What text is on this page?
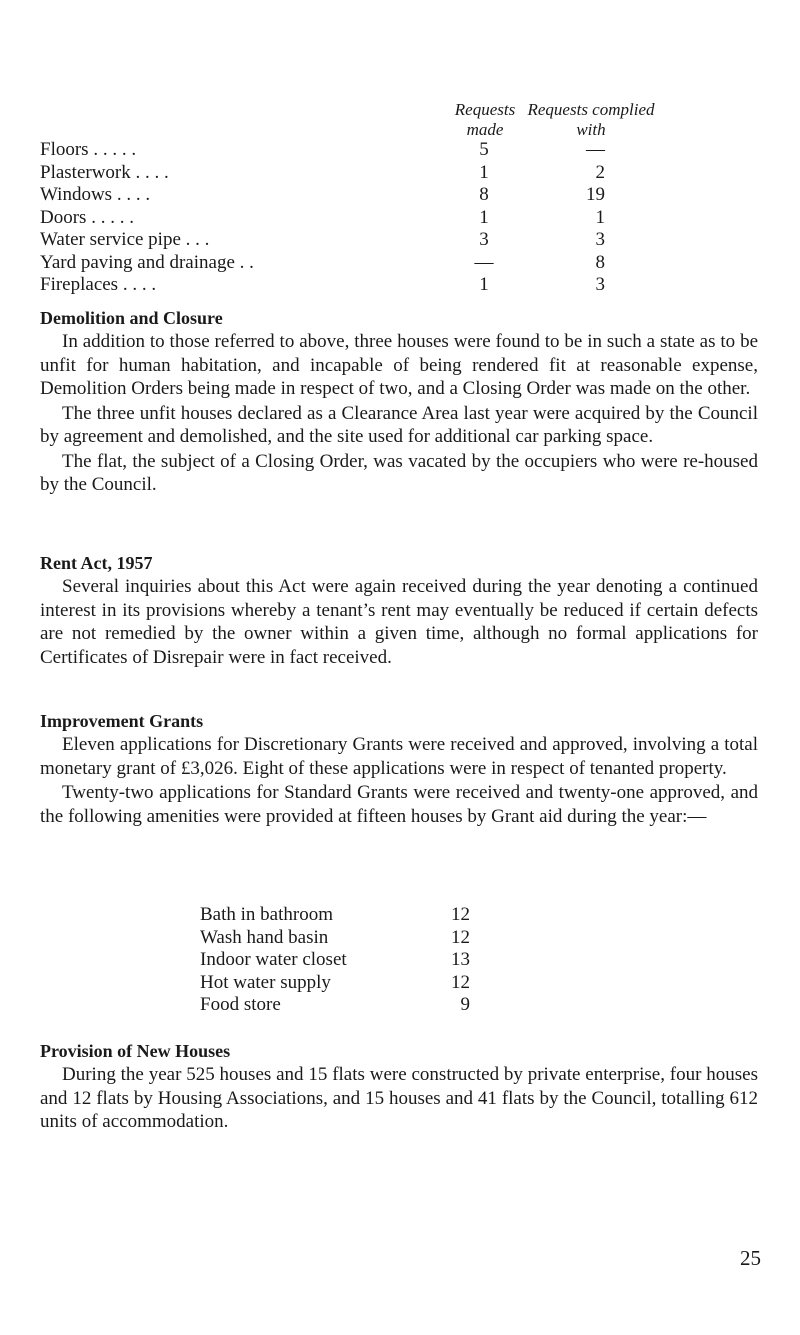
Requests made
Requests complied with
Floors . . . . .	5	—
Plasterwork . . . .	1	2
Windows . . . .	8	19
Doors . . . . .	1	1
Water service pipe . . .	3	3
Yard paving and drainage . .	—	8
Fireplaces . . . .	1	3
Demolition and Closure

In addition to those referred to above, three houses were found to be in such a state as to be unfit for human habitation, and incapable of being rendered fit at reasonable expense, Demolition Orders being made in respect of two, and a Closing Order was made on the other.

The three unfit houses declared as a Clearance Area last year were acquired by the Council by agreement and demolished, and the site used for additional car parking space.

The flat, the subject of a Closing Order, was vacated by the occupiers who were re-housed by the Council.

Rent Act, 1957

Several inquiries about this Act were again received during the year denoting a continued interest in its provisions whereby a tenant’s rent may eventually be reduced if certain defects are not remedied by the owner within a given time, although no formal applications for Certificates of Disrepair were in fact received.

Improvement Grants

Eleven applications for Discretionary Grants were received and approved, involving a total monetary grant of £3,026. Eight of these applications were in respect of tenanted property.

Twenty-two applications for Standard Grants were received and twenty-one approved, and the following amenities were provided at fifteen houses by Grant aid during the year:—

Bath in bathroom	12
Wash hand basin	12
Indoor water closet	13
Hot water supply	12
Food store	9
Provision of New Houses

During the year 525 houses and 15 flats were constructed by private enterprise, four houses and 12 flats by Housing Associations, and 15 houses and 41 flats by the Council, totalling 612 units of accommodation.

25
